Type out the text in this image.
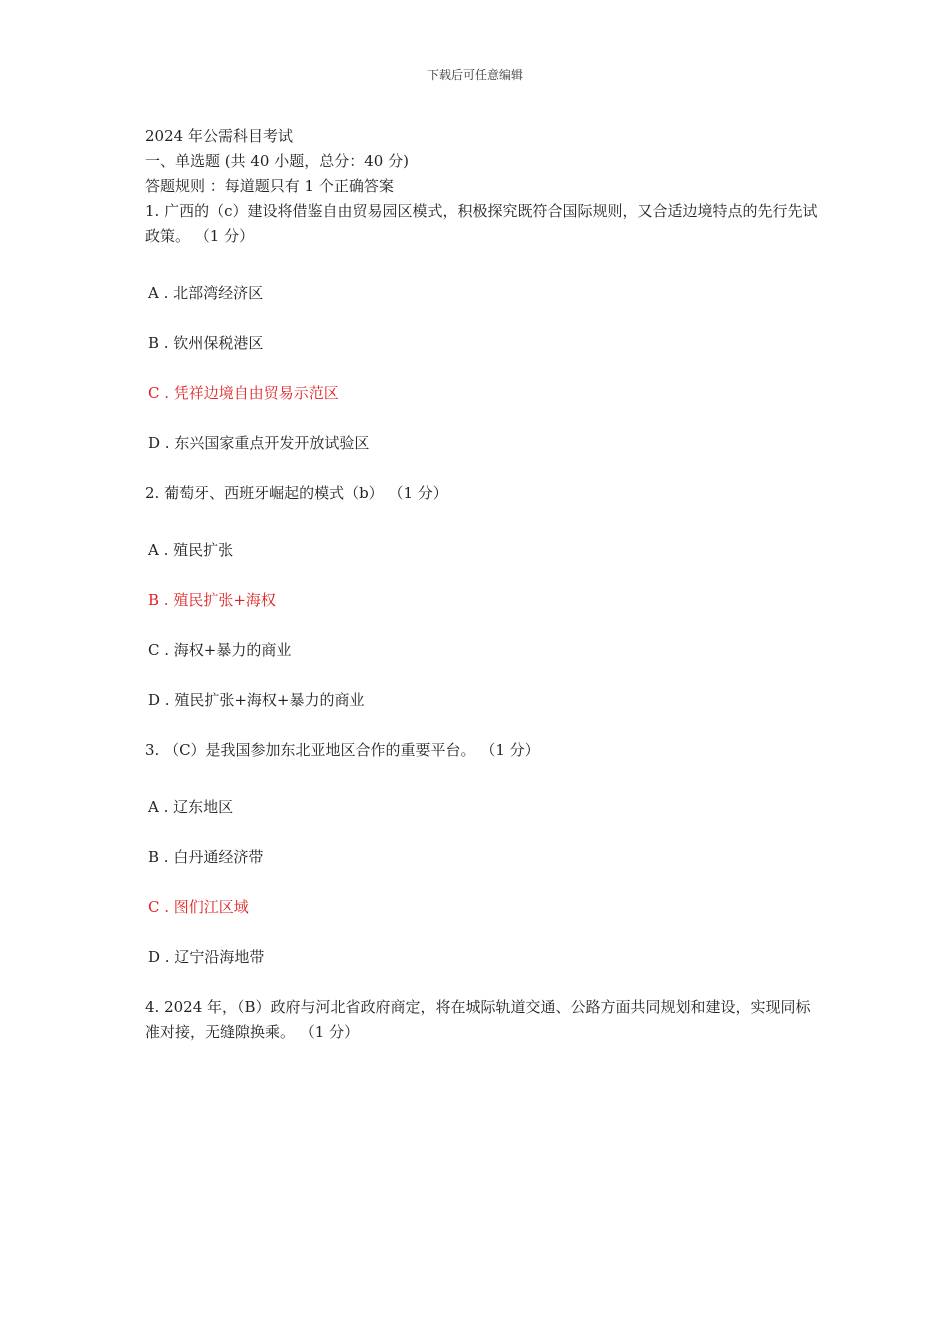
下载后可任意编辑

2024 年公需科目考试

一、单选题 (共 40 小题，总分：40 分)

答题规则 ：每道题只有 1 个正确答案

1. 广西的（c）建设将借鉴自由贸易园区模式，积极探究既符合国际规则，又合适边境特点的先行先试政策。 （1 分）

A . 北部湾经济区
B . 钦州保税港区
C . 凭祥边境自由贸易示范区
D . 东兴国家重点开发开放试验区

2. 葡萄牙、西班牙崛起的模式（b） （1 分）

A . 殖民扩张
B . 殖民扩张+海权
C . 海权+暴力的商业
D . 殖民扩张+海权+暴力的商业

3. （C）是我国参加东北亚地区合作的重要平台。 （1 分）

A . 辽东地区
B . 白丹通经济带
C . 图们江区域
D . 辽宁沿海地带

4. 2024 年，（B）政府与河北省政府商定，将在城际轨道交通、公路方面共同规划和建设，实现同标准对接，无缝隙换乘。 （1 分）
